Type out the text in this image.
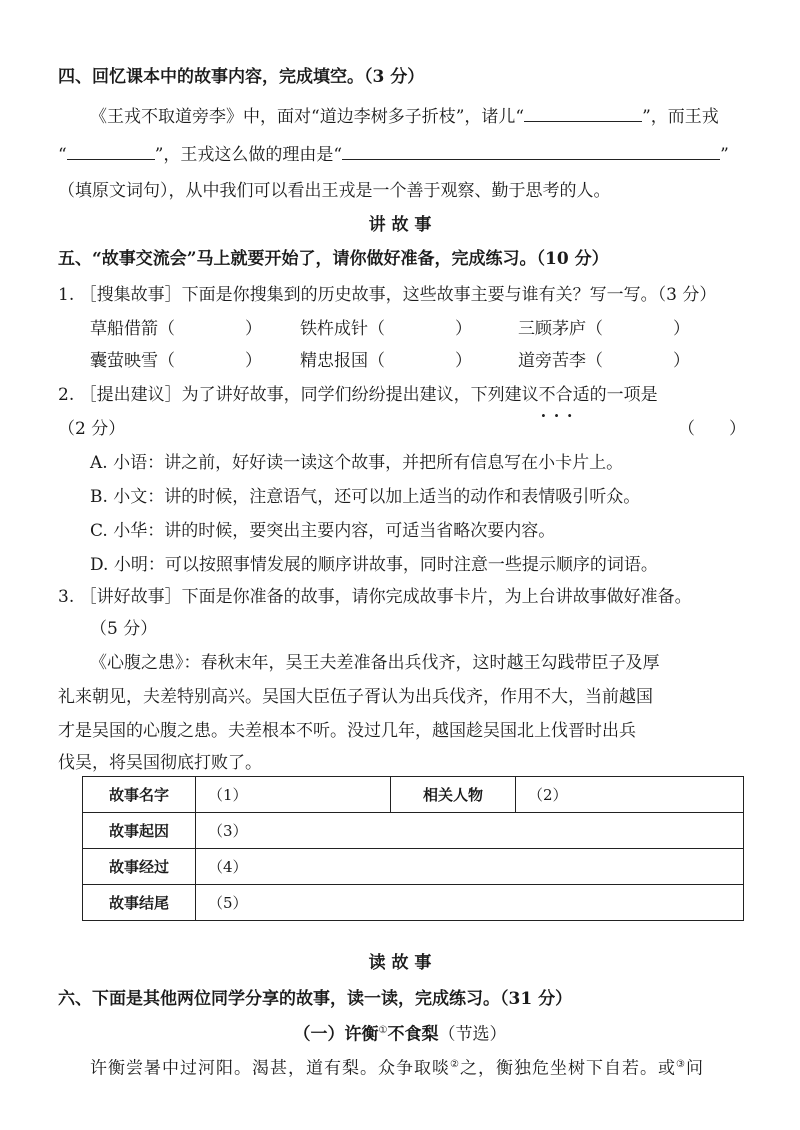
四、回忆课本中的故事内容，完成填空。（3 分）
《王戎不取道旁李》中，面对“道边李树多子折枝”，诸儿“	”，而王戎
“	”，王戎这么做的理由是“	”
（填原文词句），从中我们可以看出王戎是一个善于观察、勤于思考的人。
讲 故 事
五、“故事交流会”马上就要开始了，请你做好准备，完成练习。（10 分）
1. ［搜集故事］下面是你搜集到的历史故事，这些故事主要与谁有关？写一写。（3 分）
草船借箭（	） 铁杵成针（	）	三顾茅庐（	）
囊萤映雪（	） 精忠报国（	）	道旁苦李（	）
2. ［提出建议］为了讲好故事，同学们纷纷提出建议，下列建议不合适 · · ·的一项是
（2 分）	（　　）
A. 小语：讲之前，好好读一读这个故事，并把所有信息写在小卡片上。
B. 小文：讲的时候，注意语气，还可以加上适当的动作和表情吸引听众。
C. 小华：讲的时候，要突出主要内容，可适当省略次要内容。
D. 小明：可以按照事情发展的顺序讲故事，同时注意一些提示顺序的词语。
3. ［讲好故事］下面是你准备的故事，请你完成故事卡片，为上台讲故事做好准备。
（5 分）
《心腹之患》：春秋末年，吴王夫差准备出兵伐齐，这时越王勾践带臣子及厚
礼来朝见，夫差特别高兴。吴国大臣伍子胥认为出兵伐齐，作用不大，当前越国
才是吴国的心腹之患。夫差根本不听。没过几年，越国趁吴国北上伐晋时出兵
伐吴，将吴国彻底打败了。
故事名字	（1）	相关人物	（2）
故事起因	（3）		
故事经过	（4）		
故事结尾	（5）		
读 故 事
六、下面是其他两位同学分享的故事，读一读，完成练习。（31 分）
（一）许衡①不食梨（节选）
许衡尝暑中过河阳。渴甚，道有梨。众争取啖②之，衡独危坐树下自若。或③问
